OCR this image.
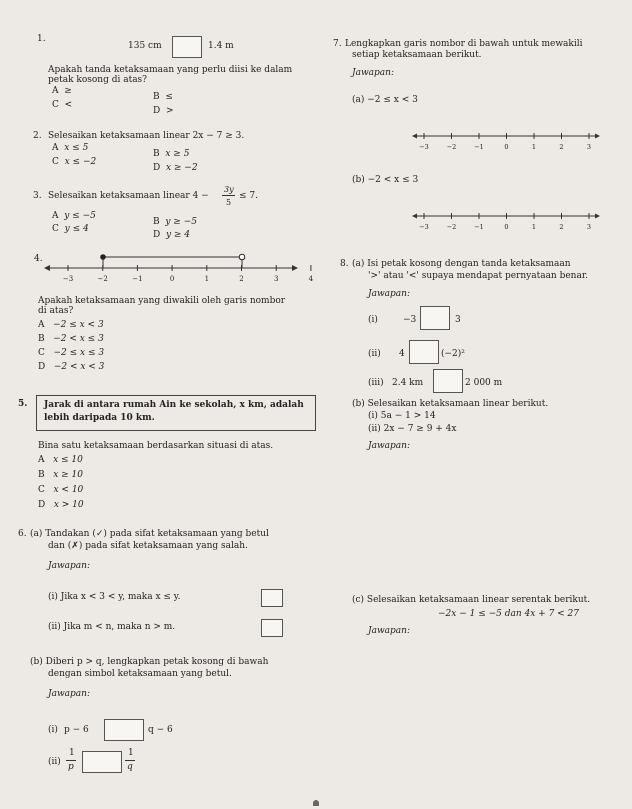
1.
135 cm	1.4 m
Apakah tanda ketaksamaan yang perlu diisi ke dalam
petak kosong di atas?
A ≥
B ≤
C <
D >
2. Selesaikan ketaksamaan linear 2x − 7 ≥ 3.
A x ≤ 5
B x ≥ 5
C x ≤ −2
D x ≥ −2
3. Selesaikan ketaksamaan linear 4 −
3y
5
≤ 7.
A y ≤ −5
B y ≥ −5
C y ≤ 4
D y ≥ 4
4.
−3	−2	−1	0	1	2	3	4
Apakah ketaksamaan yang diwakili oleh garis nombor
di atas?
A −2 ≤ x < 3
B −2 < x ≤ 3
C −2 ≤ x ≤ 3
D −2 < x < 3
5. Jarak di antara rumah Ain ke sekolah, x km, adalah
lebih daripada 10 km.
Bina satu ketaksamaan berdasarkan situasi di atas.
A x ≤ 10
B x ≥ 10
C x < 10
D x > 10
6. (a) Tandakan (✓) pada sifat ketaksamaan yang betul
dan (✗) pada sifat ketaksamaan yang salah.
Jawapan:
(i) Jika x < 3 < y, maka x ≤ y.
(ii) Jika m < n, maka n > m.
(b) Diberi p > q, lengkapkan petak kosong di bawah
dengan simbol ketaksamaan yang betul.
Jawapan:
(i) p − 6	q − 6
(ii)
1
p
1
q
7. Lengkapkan garis nombor di bawah untuk mewakili
setiap ketaksamaan berikut.
Jawapan:
(a) −2 ≤ x < 3
−3	−2	−1	0	1	2	3
(b) −2 < x ≤ 3
−3	−2	−1	0	1	2	3
8. (a) Isi petak kosong dengan tanda ketaksamaan
'>' atau '<' supaya mendapat pernyataan benar.
Jawapan:
(i)	−3	3
(ii) 4	(−2)²
(iii) 2.4 km	2 000 m
(b) Selesaikan ketaksamaan linear berikut.
(i) 5a − 1 > 14
(ii) 2x − 7 ≥ 9 + 4x
Jawapan:
(c) Selesaikan ketaksamaan linear serentak berikut.
−2x − 1 ≤ −5 dan 4x + 7 < 27
Jawapan:
